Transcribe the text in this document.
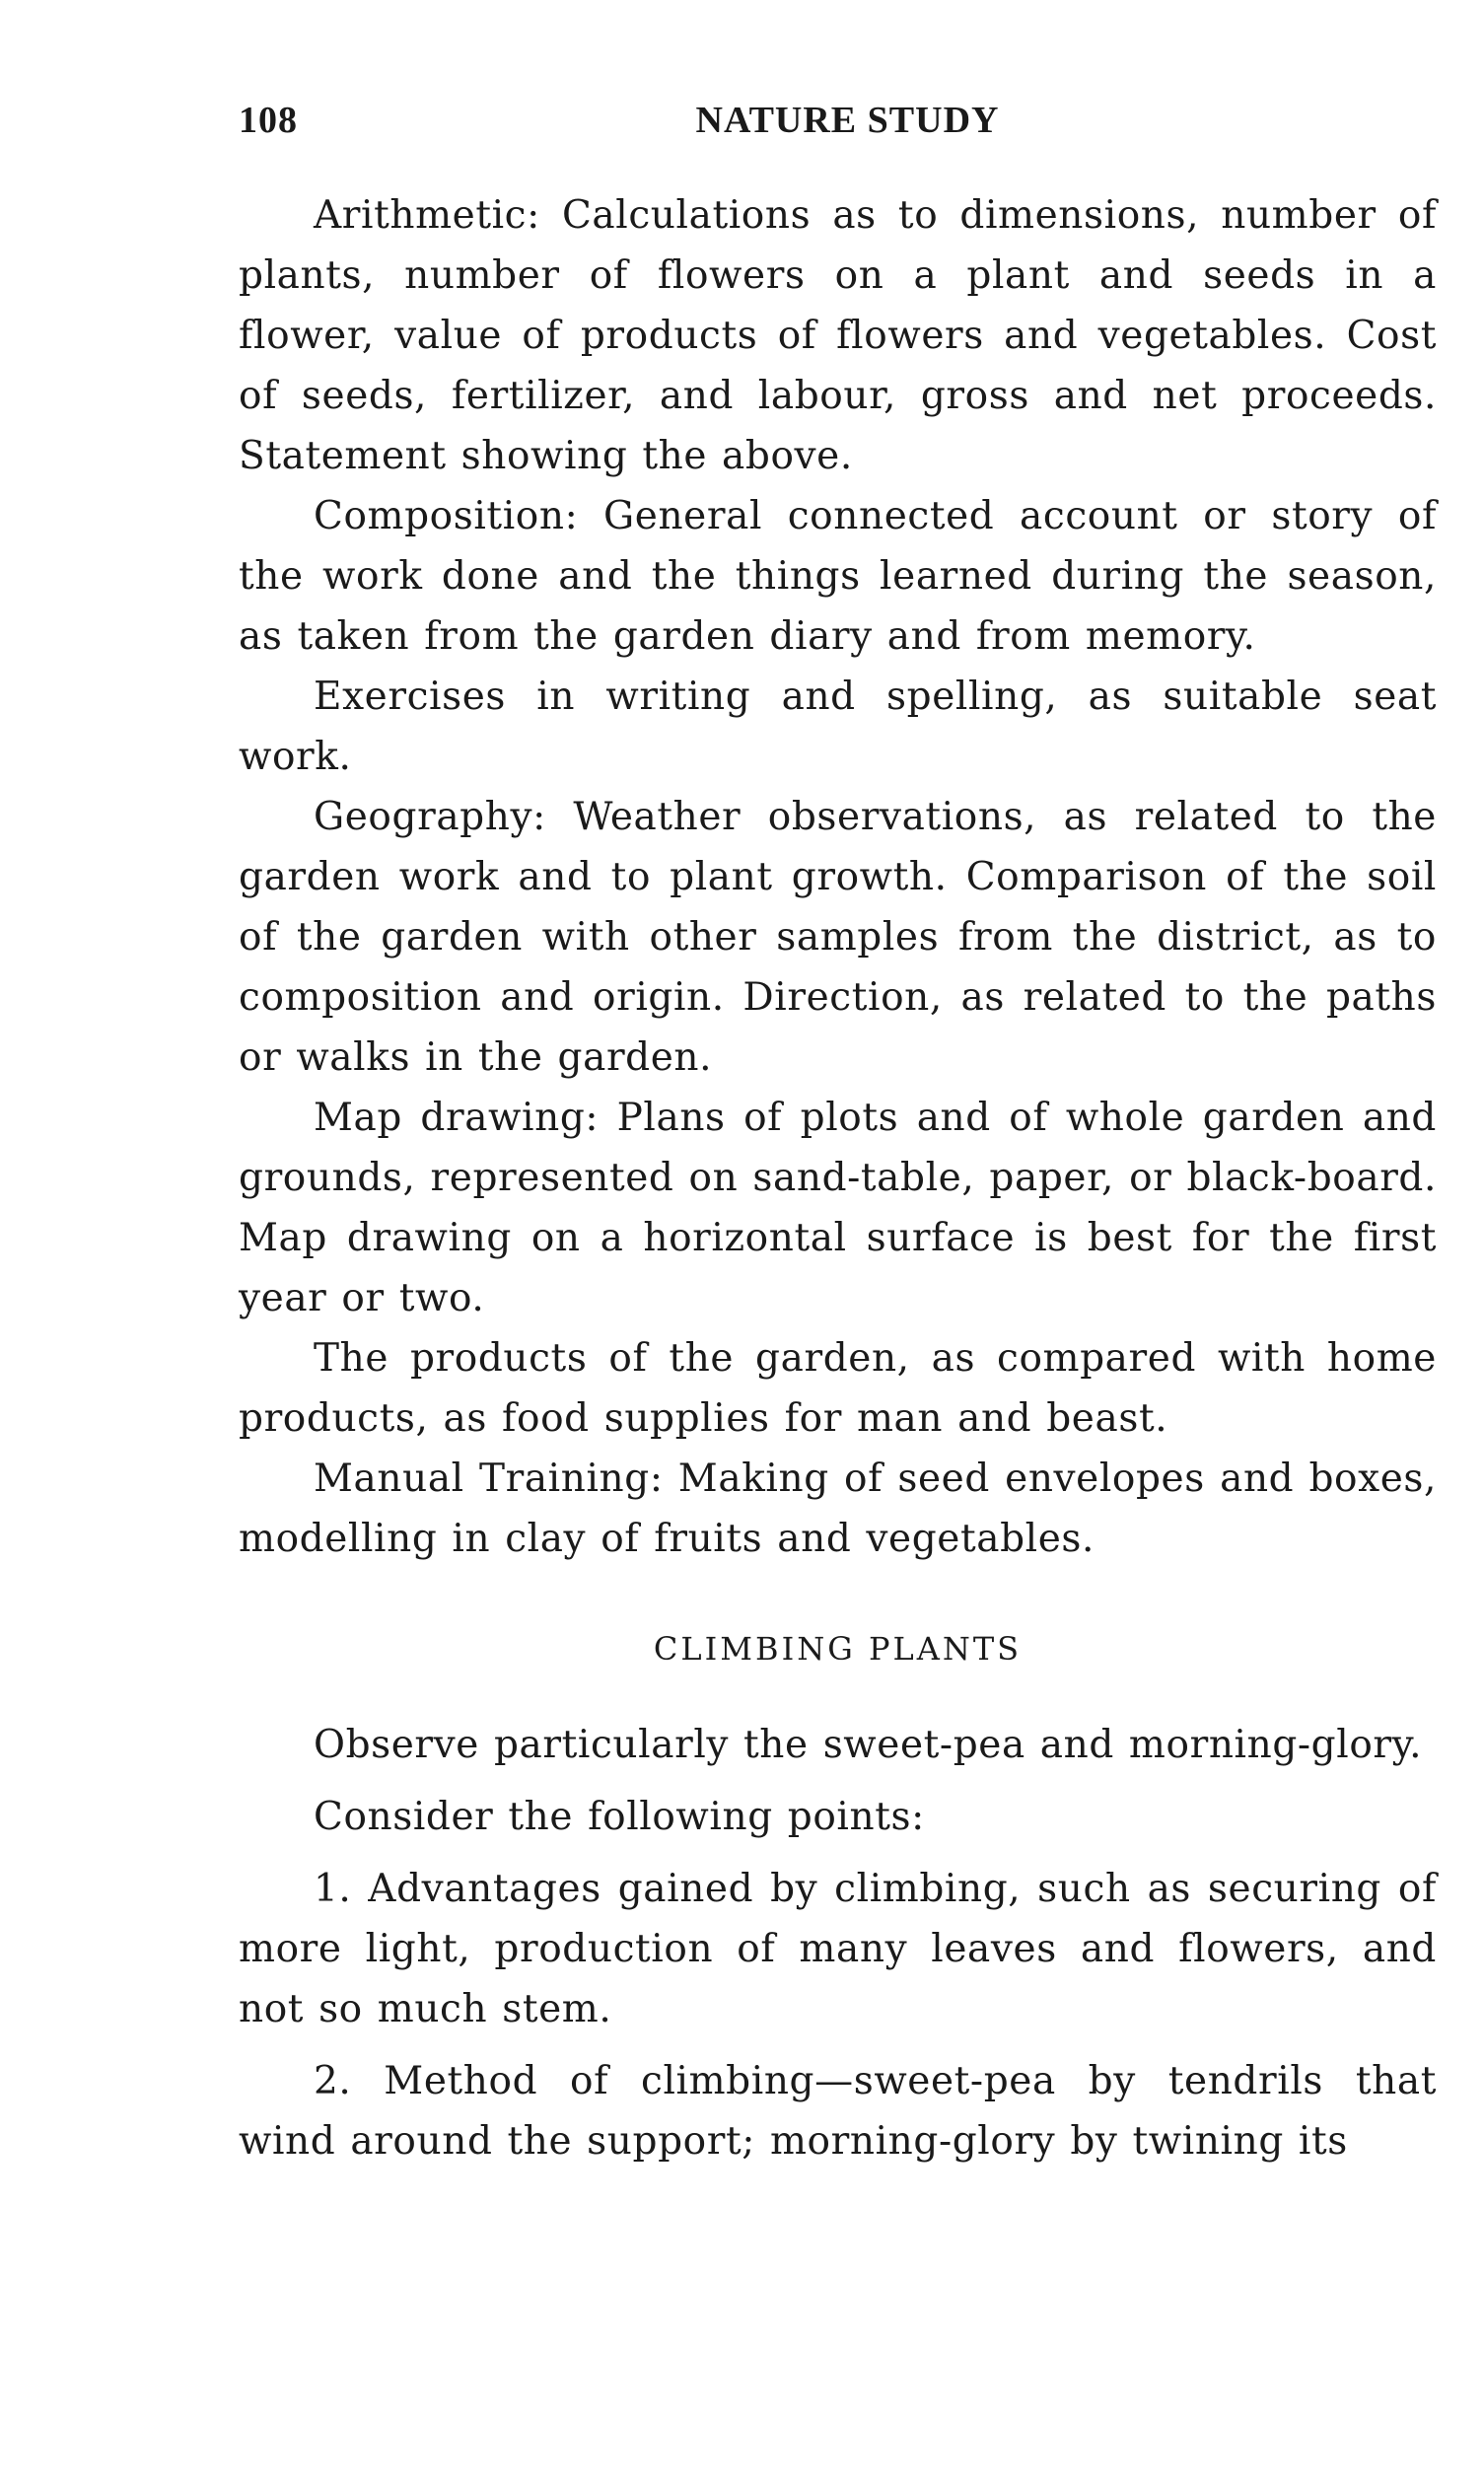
108	NATURE STUDY

Arithmetic: Calculations as to dimensions, number of plants, number of flowers on a plant and seeds in a flower, value of products of flowers and vegetables. Cost of seeds, fertilizer, and labour, gross and net proceeds. Statement showing the above.

Composition: General connected account or story of the work done and the things learned during the season, as taken from the garden diary and from memory.

Exercises in writing and spelling, as suitable seat work.

Geography: Weather observations, as related to the garden work and to plant growth. Comparison of the soil of the garden with other samples from the district, as to composition and origin. Direction, as related to the paths or walks in the garden.

Map drawing: Plans of plots and of whole garden and grounds, represented on sand-table, paper, or black-board. Map drawing on a horizontal surface is best for the first year or two.

The products of the garden, as compared with home products, as food supplies for man and beast.

Manual Training: Making of seed envelopes and boxes, modelling in clay of fruits and vegetables.

CLIMBING PLANTS

Observe particularly the sweet-pea and morning-glory.

Consider the following points:

1. Advantages gained by climbing, such as securing of more light, production of many leaves and flowers, and not so much stem.

2. Method of climbing—sweet-pea by tendrils that wind around the support; morning-glory by twining its
